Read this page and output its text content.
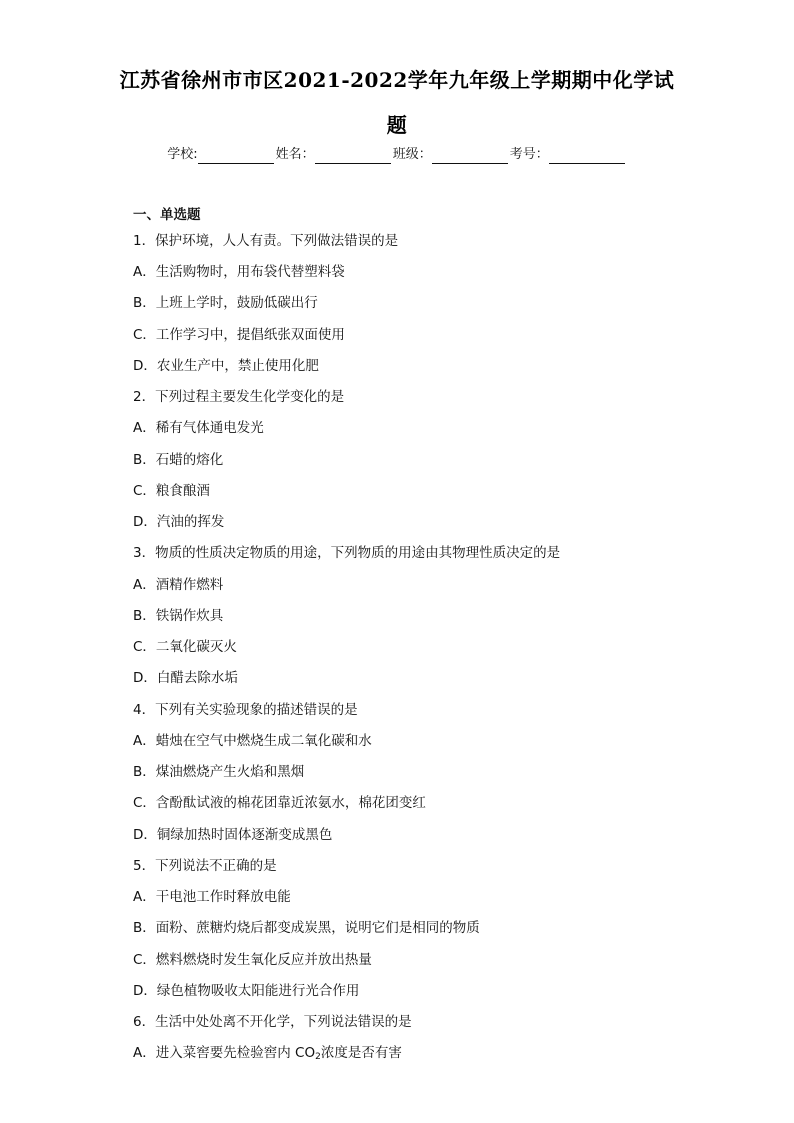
江苏省徐州市市区2021-2022学年九年级上学期期中化学试
题
学校:	姓名：	班级：	考号：
一、单选题
1．保护环境，人人有责。下列做法错误的是
A．生活购物时，用布袋代替塑料袋
B．上班上学时，鼓励低碳出行
C．工作学习中，提倡纸张双面使用
D．农业生产中，禁止使用化肥
2．下列过程主要发生化学变化的是
A．稀有气体通电发光
B．石蜡的熔化
C．粮食酿酒
D．汽油的挥发
3．物质的性质决定物质的用途，下列物质的用途由其物理性质决定的是
A．酒精作燃料
B．铁锅作炊具
C．二氧化碳灭火
D．白醋去除水垢
4．下列有关实验现象的描述错误的是
A．蜡烛在空气中燃烧生成二氧化碳和水
B．煤油燃烧产生火焰和黑烟
C．含酚酞试液的棉花团靠近浓氨水，棉花团变红
D．铜绿加热时固体逐渐变成黑色
5．下列说法不正确的是
A．干电池工作时释放电能
B．面粉、蔗糖灼烧后都变成炭黑，说明它们是相同的物质
C．燃料燃烧时发生氧化反应并放出热量
D．绿色植物吸收太阳能进行光合作用
6．生活中处处离不开化学，下列说法错误的是
A．进入菜窖要先检验窖内 $CO_2$浓度是否有害
